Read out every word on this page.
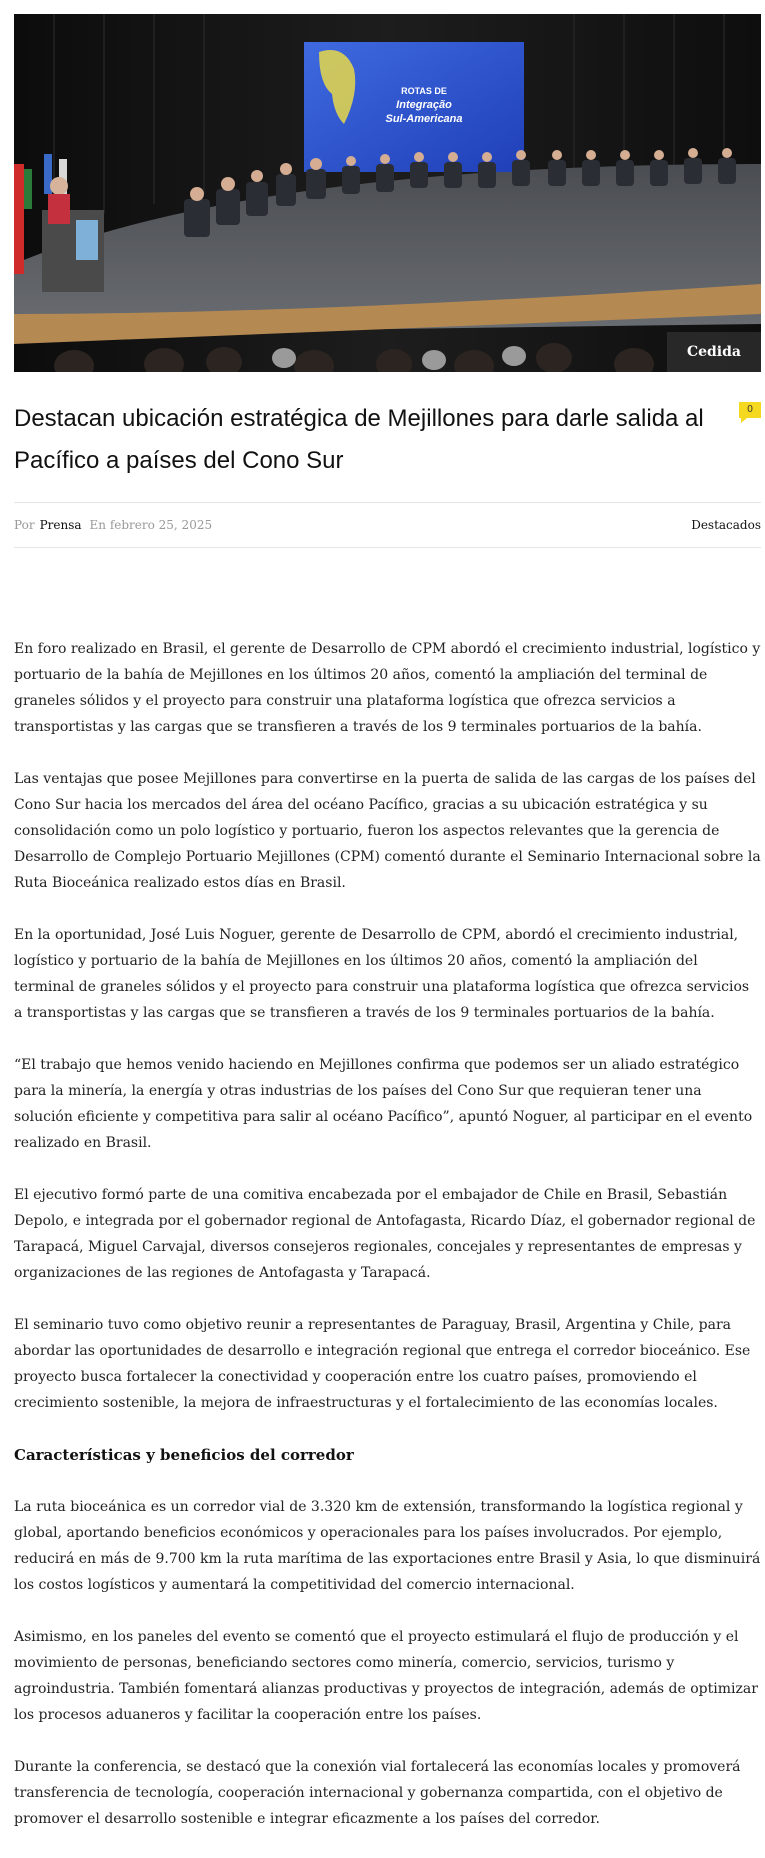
ROTAS DE
Integração
Sul-Americana
Cedida
Destacan ubicación estratégica de Mejillones para darle salida al Pacífico a países del Cono Sur
0
Por Prensa En febrero 25, 2025	Destacados

En foro realizado en Brasil, el gerente de Desarrollo de CPM abordó el crecimiento industrial, logístico y portuario de la bahía de Mejillones en los últimos 20 años, comentó la ampliación del terminal de graneles sólidos y el proyecto para construir una plataforma logística que ofrezca servicios a transportistas y las cargas que se transfieren a través de los 9 terminales portuarios de la bahía.

Las ventajas que posee Mejillones para convertirse en la puerta de salida de las cargas de los países del Cono Sur hacia los mercados del área del océano Pacífico, gracias a su ubicación estratégica y su consolidación como un polo logístico y portuario, fueron los aspectos relevantes que la gerencia de Desarrollo de Complejo Portuario Mejillones (CPM) comentó durante el Seminario Internacional sobre la Ruta Bioceánica realizado estos días en Brasil.

En la oportunidad, José Luis Noguer, gerente de Desarrollo de CPM, abordó el crecimiento industrial, logístico y portuario de la bahía de Mejillones en los últimos 20 años, comentó la ampliación del terminal de graneles sólidos y el proyecto para construir una plataforma logística que ofrezca servicios a transportistas y las cargas que se transfieren a través de los 9 terminales portuarios de la bahía.

“El trabajo que hemos venido haciendo en Mejillones confirma que podemos ser un aliado estratégico para la minería, la energía y otras industrias de los países del Cono Sur que requieran tener una solución eficiente y competitiva para salir al océano Pacífico”, apuntó Noguer, al participar en el evento realizado en Brasil.

El ejecutivo formó parte de una comitiva encabezada por el embajador de Chile en Brasil, Sebastián Depolo, e integrada por el gobernador regional de Antofagasta, Ricardo Díaz, el gobernador regional de Tarapacá, Miguel Carvajal, diversos consejeros regionales, concejales y representantes de empresas y organizaciones de las regiones de Antofagasta y Tarapacá.

El seminario tuvo como objetivo reunir a representantes de Paraguay, Brasil, Argentina y Chile, para abordar las oportunidades de desarrollo e integración regional que entrega el corredor bioceánico. Ese proyecto busca fortalecer la conectividad y cooperación entre los cuatro países, promoviendo el crecimiento sostenible, la mejora de infraestructuras y el fortalecimiento de las economías locales.

Características y beneficios del corredor

La ruta bioceánica es un corredor vial de 3.320 km de extensión, transformando la logística regional y global, aportando beneficios económicos y operacionales para los países involucrados. Por ejemplo, reducirá en más de 9.700 km la ruta marítima de las exportaciones entre Brasil y Asia, lo que disminuirá los costos logísticos y aumentará la competitividad del comercio internacional.

Asimismo, en los paneles del evento se comentó que el proyecto estimulará el flujo de producción y el movimiento de personas, beneficiando sectores como minería, comercio, servicios, turismo y agroindustria. También fomentará alianzas productivas y proyectos de integración, además de optimizar los procesos aduaneros y facilitar la cooperación entre los países.

Durante la conferencia, se destacó que la conexión vial fortalecerá las economías locales y promoverá transferencia de tecnología, cooperación internacional y gobernanza compartida, con el objetivo de promover el desarrollo sostenible e integrar eficazmente a los países del corredor.
